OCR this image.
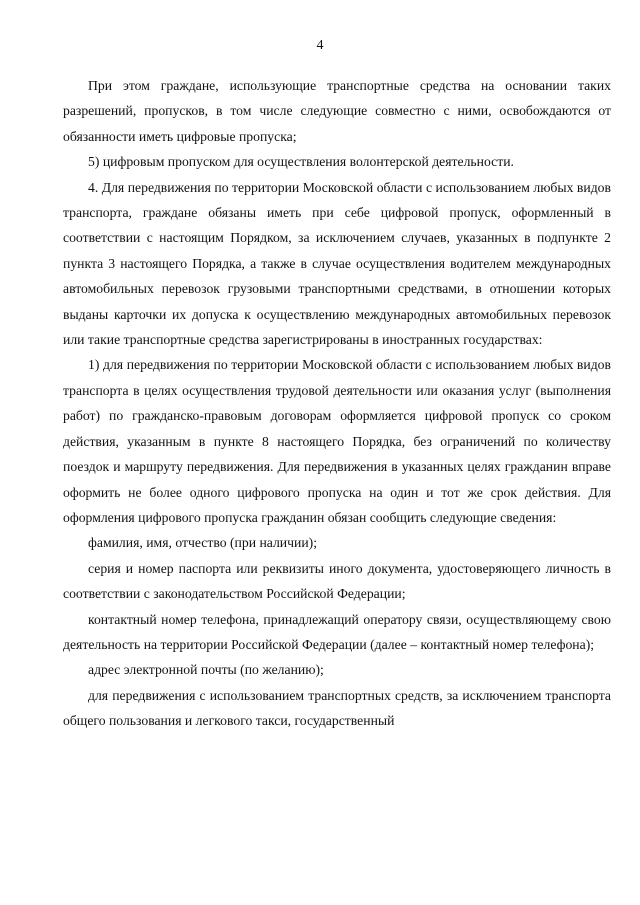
4

При этом граждане, использующие транспортные средства на основании таких разрешений, пропусков, в том числе следующие совместно с ними, освобождаются от обязанности иметь цифровые пропуска;

5) цифровым пропуском для осуществления волонтерской деятельности.

4. Для передвижения по территории Московской области с использованием любых видов транспорта, граждане обязаны иметь при себе цифровой пропуск, оформленный в соответствии с настоящим Порядком, за исключением случаев, указанных в подпункте 2 пункта 3 настоящего Порядка, а также в случае осуществления водителем международных автомобильных перевозок грузовыми транспортными средствами, в отношении которых выданы карточки их допуска к осуществлению международных автомобильных перевозок или такие транспортные средства зарегистрированы в иностранных государствах:

1) для передвижения по территории Московской области с использованием любых видов транспорта в целях осуществления трудовой деятельности или оказания услуг (выполнения работ) по гражданско-правовым договорам оформляется цифровой пропуск со сроком действия, указанным в пункте 8 настоящего Порядка, без ограничений по количеству поездок и маршруту передвижения. Для передвижения в указанных целях гражданин вправе оформить не более одного цифрового пропуска на один и тот же срок действия. Для оформления цифрового пропуска гражданин обязан сообщить следующие сведения:

фамилия, имя, отчество (при наличии);

серия и номер паспорта или реквизиты иного документа, удостоверяющего личность в соответствии с законодательством Российской Федерации;

контактный номер телефона, принадлежащий оператору связи, осуществляющему свою деятельность на территории Российской Федерации (далее – контактный номер телефона);

адрес электронной почты (по желанию);

для передвижения с использованием транспортных средств, за исключением транспорта общего пользования и легкового такси, государственный
